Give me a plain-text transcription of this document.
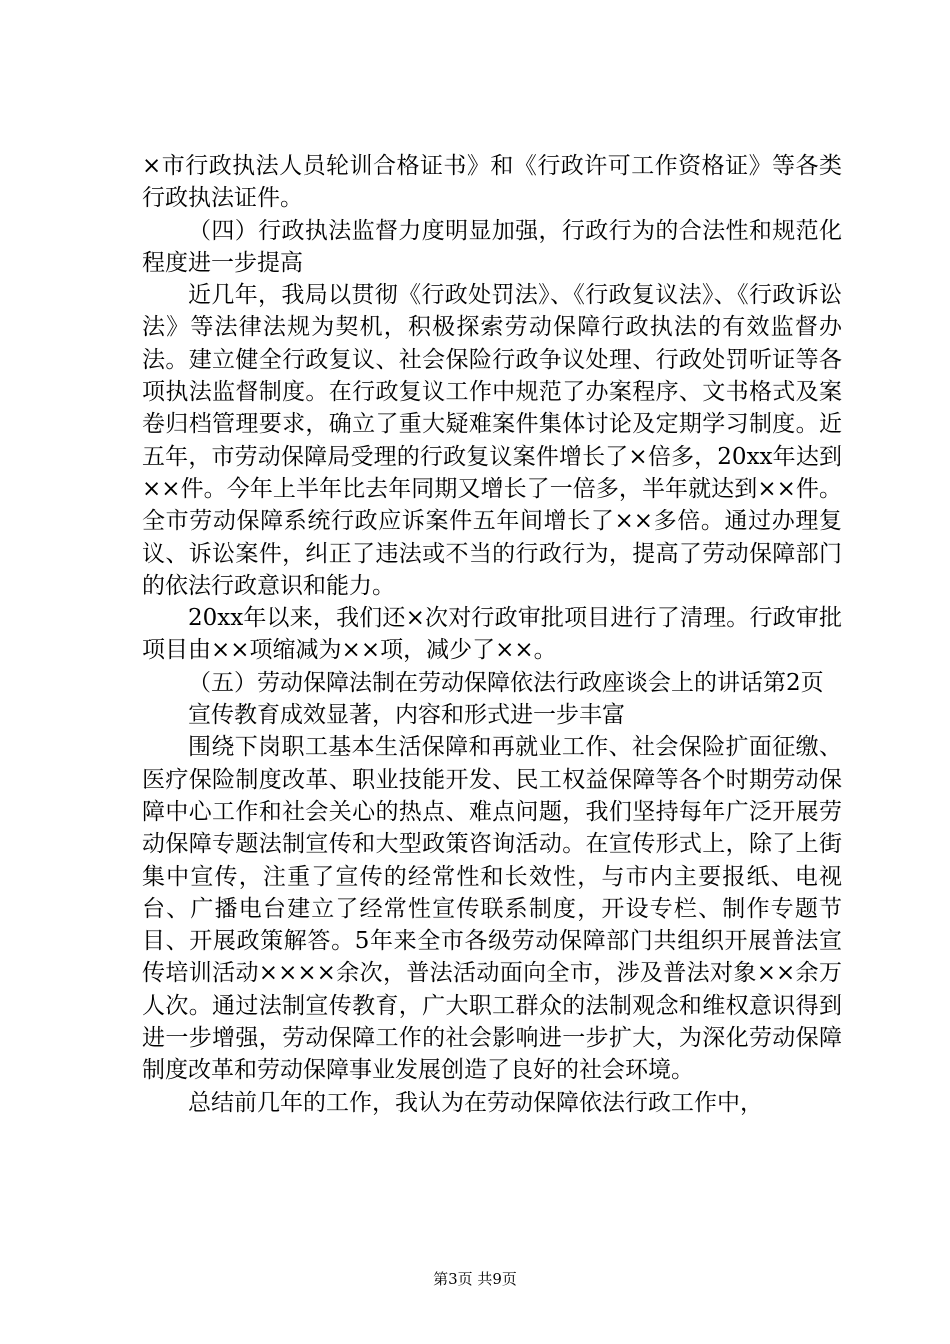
×市行政执法人员轮训合格证书》和《行政许可工作资格证》等各类行政执法证件。

（四）行政执法监督力度明显加强，行政行为的合法性和规范化程度进一步提高

近几年，我局以贯彻《行政处罚法》、《行政复议法》、《行政诉讼法》等法律法规为契机，积极探索劳动保障行政执法的有效监督办法。建立健全行政复议、社会保险行政争议处理、行政处罚听证等各项执法监督制度。在行政复议工作中规范了办案程序、文书格式及案卷归档管理要求，确立了重大疑难案件集体讨论及定期学习制度。近五年，市劳动保障局受理的行政复议案件增长了×倍多，20xx年达到××件。今年上半年比去年同期又增长了一倍多，半年就达到××件。全市劳动保障系统行政应诉案件五年间增长了××多倍。通过办理复议、诉讼案件，纠正了违法或不当的行政行为，提高了劳动保障部门的依法行政意识和能力。

20xx年以来，我们还×次对行政审批项目进行了清理。行政审批项目由××项缩减为××项，减少了××。

（五）劳动保障法制在劳动保障依法行政座谈会上的讲话第2页

宣传教育成效显著，内容和形式进一步丰富

围绕下岗职工基本生活保障和再就业工作、社会保险扩面征缴、医疗保险制度改革、职业技能开发、民工权益保障等各个时期劳动保障中心工作和社会关心的热点、难点问题，我们坚持每年广泛开展劳动保障专题法制宣传和大型政策咨询活动。在宣传形式上，除了上街集中宣传，注重了宣传的经常性和长效性，与市内主要报纸、电视台、广播电台建立了经常性宣传联系制度，开设专栏、制作专题节目、开展政策解答。5年来全市各级劳动保障部门共组织开展普法宣传培训活动××××余次，普法活动面向全市，涉及普法对象××余万人次。通过法制宣传教育，广大职工群众的法制观念和维权意识得到进一步增强，劳动保障工作的社会影响进一步扩大，为深化劳动保障制度改革和劳动保障事业发展创造了良好的社会环境。

总结前几年的工作，我认为在劳动保障依法行政工作中，

第3页 共9页
